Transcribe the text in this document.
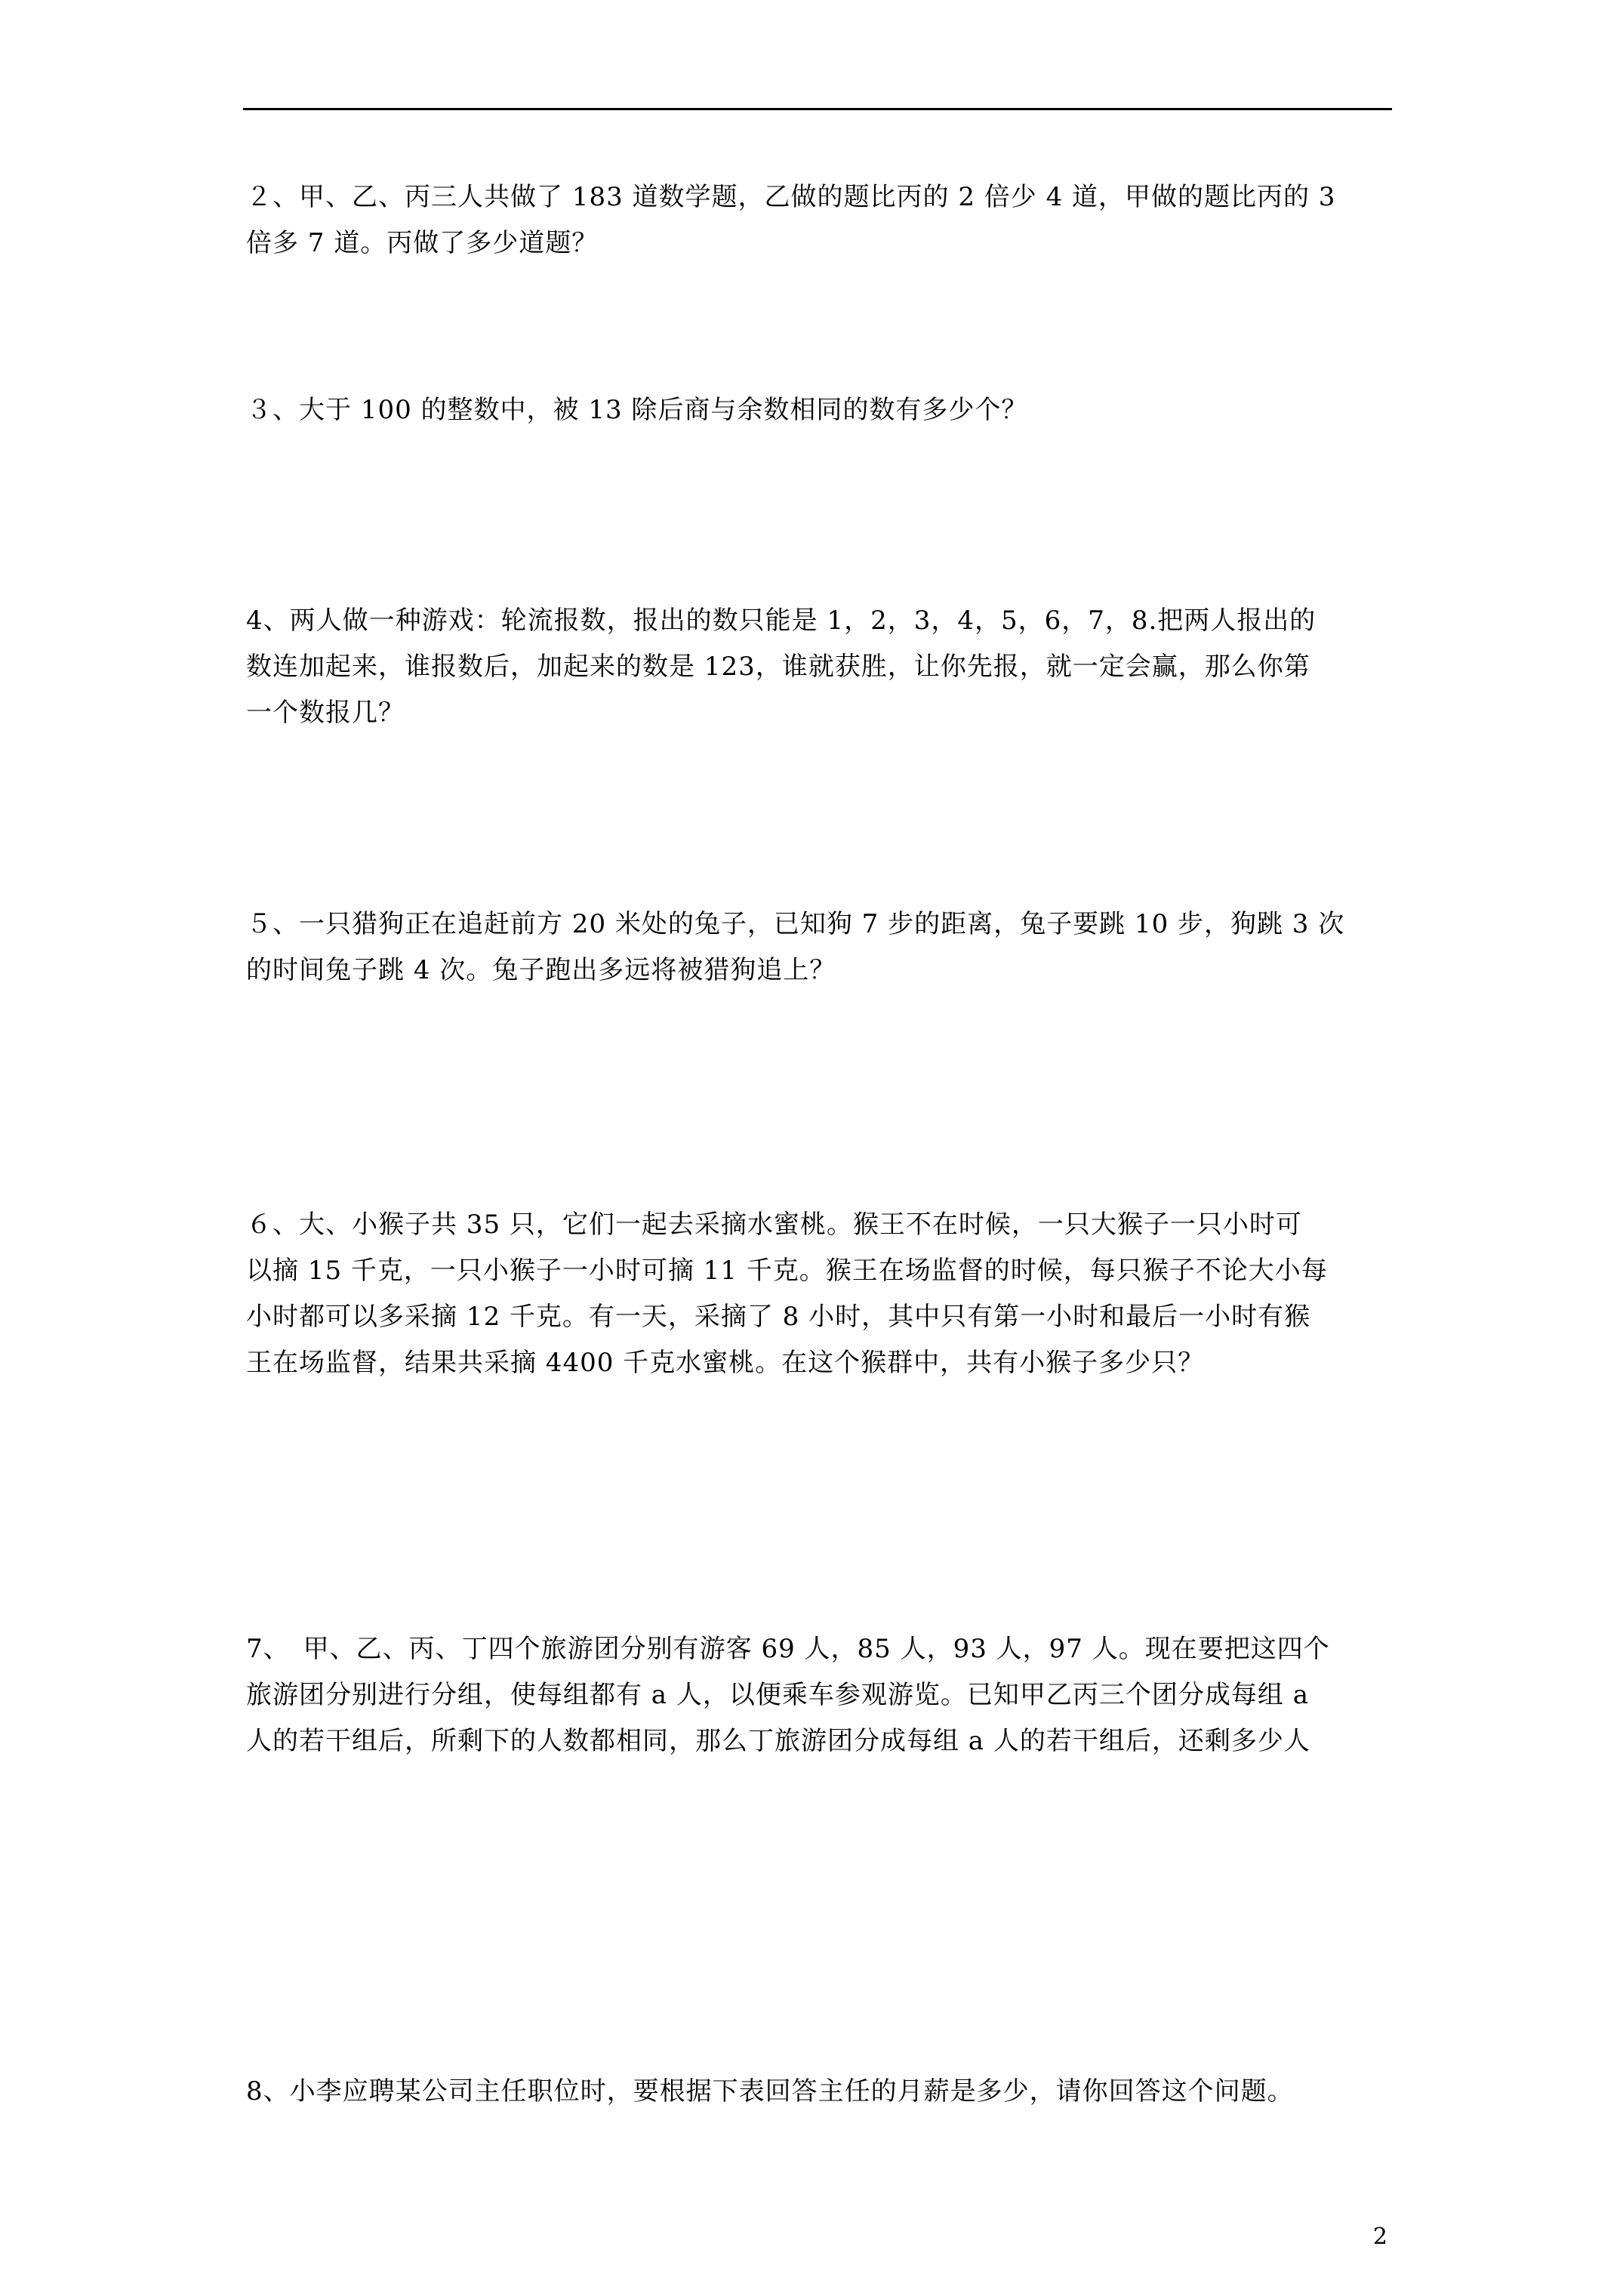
２、甲、乙、丙三人共做了 183 道数学题，乙做的题比丙的 2 倍少 4 道，甲做的题比丙的 3
倍多 7 道。丙做了多少道题？
３、大于 100 的整数中，被 13 除后商与余数相同的数有多少个？
4、两人做一种游戏：轮流报数，报出的数只能是 1，2，3，4，5，6，7，8.把两人报出的
数连加起来，谁报数后，加起来的数是 123，谁就获胜，让你先报，就一定会赢，那么你第
一个数报几？
５、一只猎狗正在追赶前方 20 米处的兔子，已知狗 7 步的距离，兔子要跳 10 步，狗跳 3 次
的时间兔子跳 4 次。兔子跑出多远将被猎狗追上？
６、大、小猴子共 35 只，它们一起去采摘水蜜桃。猴王不在时候，一只大猴子一只小时可
以摘 15 千克，一只小猴子一小时可摘 11 千克。猴王在场监督的时候，每只猴子不论大小每
小时都可以多采摘 12 千克。有一天，采摘了 8 小时，其中只有第一小时和最后一小时有猴
王在场监督，结果共采摘 4400 千克水蜜桃。在这个猴群中，共有小猴子多少只？
7、　甲、乙、丙、丁四个旅游团分别有游客 69 人，85 人，93 人，97 人。现在要把这四个
旅游团分别进行分组，使每组都有 a 人，以便乘车参观游览。已知甲乙丙三个团分成每组 a
人的若干组后，所剩下的人数都相同，那么丁旅游团分成每组 a 人的若干组后，还剩多少人
8、小李应聘某公司主任职位时，要根据下表回答主任的月薪是多少，请你回答这个问题。
2
